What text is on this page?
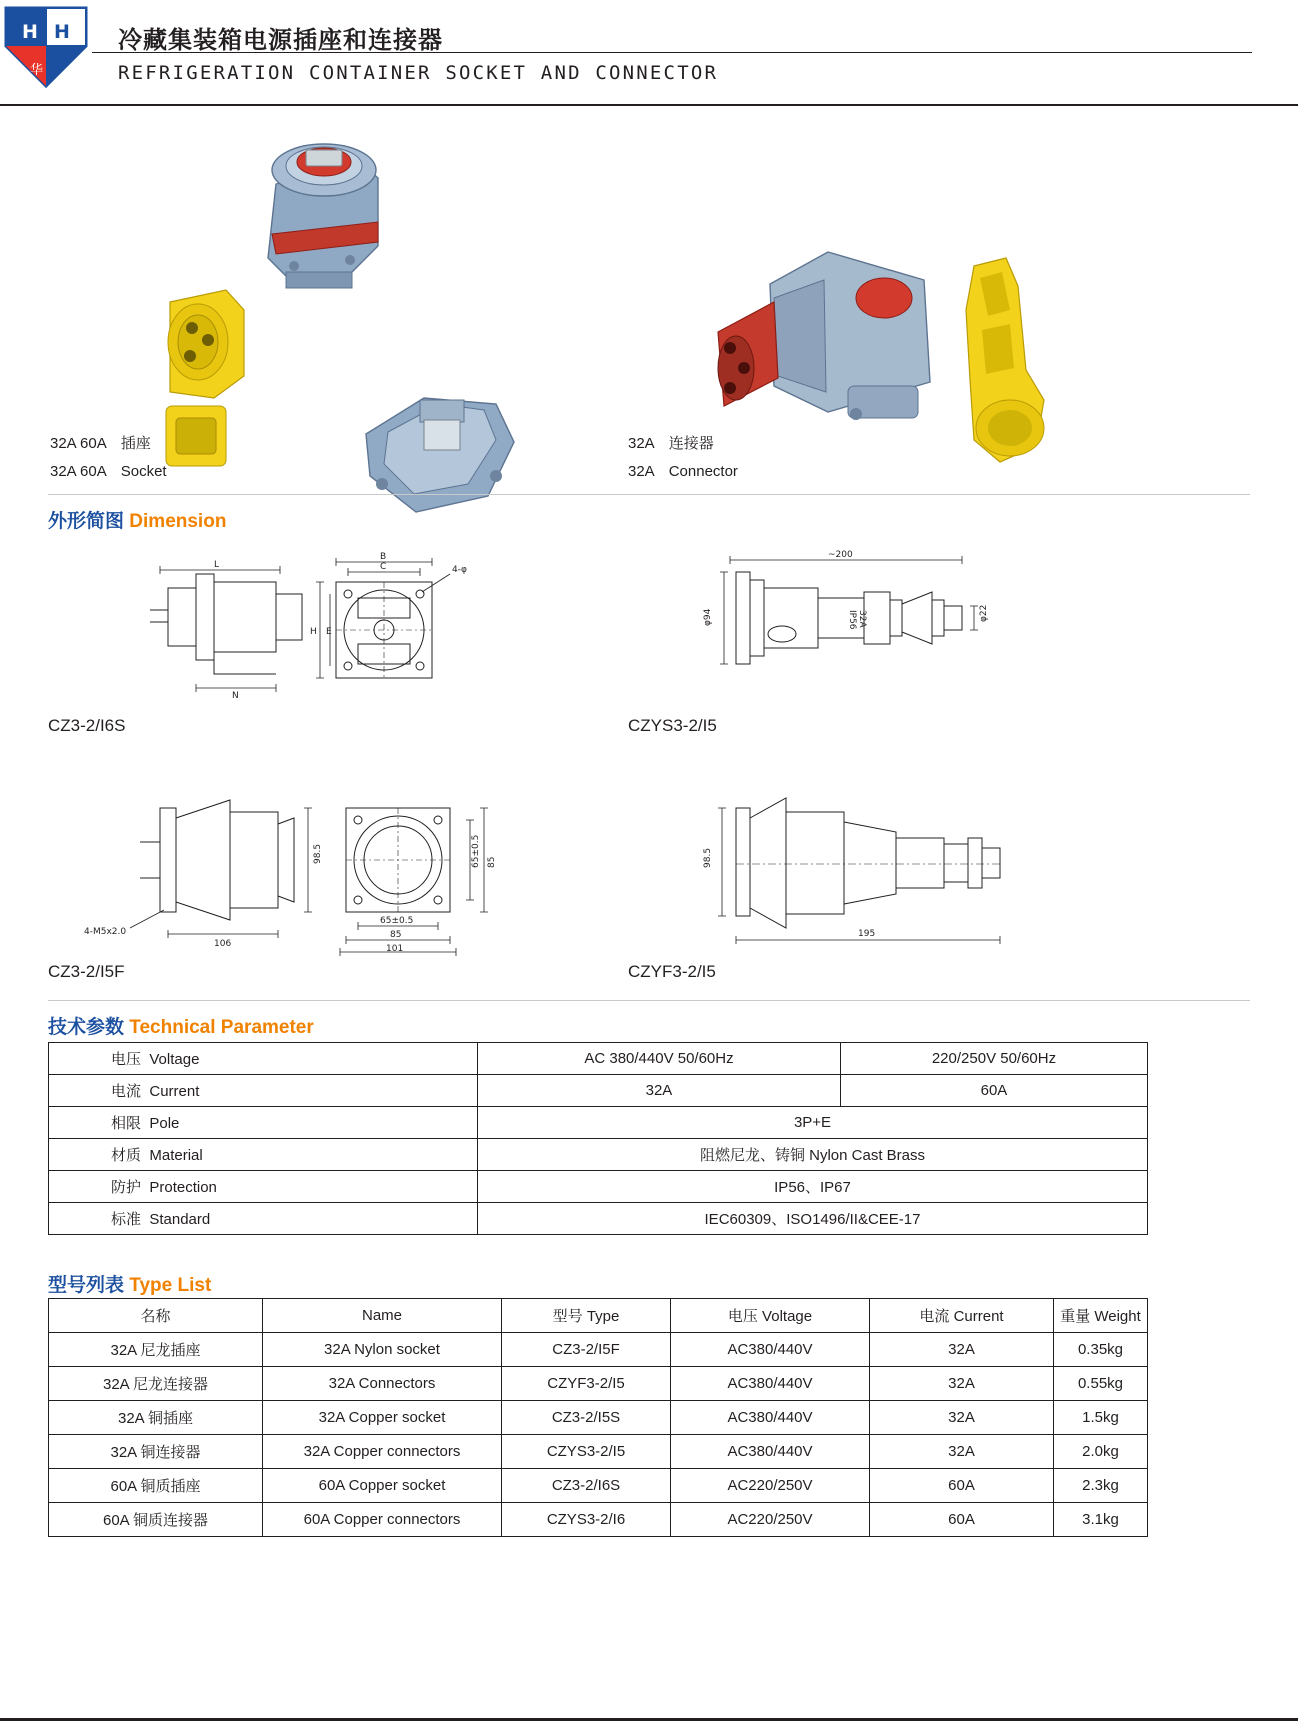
H H
华
冷藏集装箱电源插座和连接器
REFRIGERATION CONTAINER SOCKET AND CONNECTOR
32A 60A 插座
32A 60A Socket
32A 连接器
32A Connector
外形简图 Dimension
L
N
B
C	4-φ
H E
CZ3-2/I6S
~200
φ94	IP56 32A	φ22
CZYS3-2/I5
98.5
106
4-M5x2.0
65±0.5 85
65±0.5
85
101
CZ3-2/I5F
98.5
195
CZYF3-2/I5
技术参数 Technical Parameter
电压 Voltage	AC 380/440V 50/60Hz	220/250V 50/60Hz
电流 Current	32A	60A
相限 Pole	3P+E	
材质 Material	阻燃尼龙、铸铜 Nylon Cast Brass	
防护 Protection	IP56、IP67	
标准 Standard	IEC60309、ISO1496/II&CEE-17	
型号列表 Type List
名称	Name	型号 Type	电压 Voltage	电流 Current	重量 Weight
32A 尼龙插座	32A Nylon socket	CZ3-2/I5F	AC380/440V	32A	0.35kg
32A 尼龙连接器	32A Connectors	CZYF3-2/I5	AC380/440V	32A	0.55kg
32A 铜插座	32A Copper socket	CZ3-2/I5S	AC380/440V	32A	1.5kg
32A 铜连接器	32A Copper connectors	CZYS3-2/I5	AC380/440V	32A	2.0kg
60A 铜质插座	60A Copper socket	CZ3-2/I6S	AC220/250V	60A	2.3kg
60A 铜质连接器	60A Copper connectors	CZYS3-2/I6	AC220/250V	60A	3.1kg
